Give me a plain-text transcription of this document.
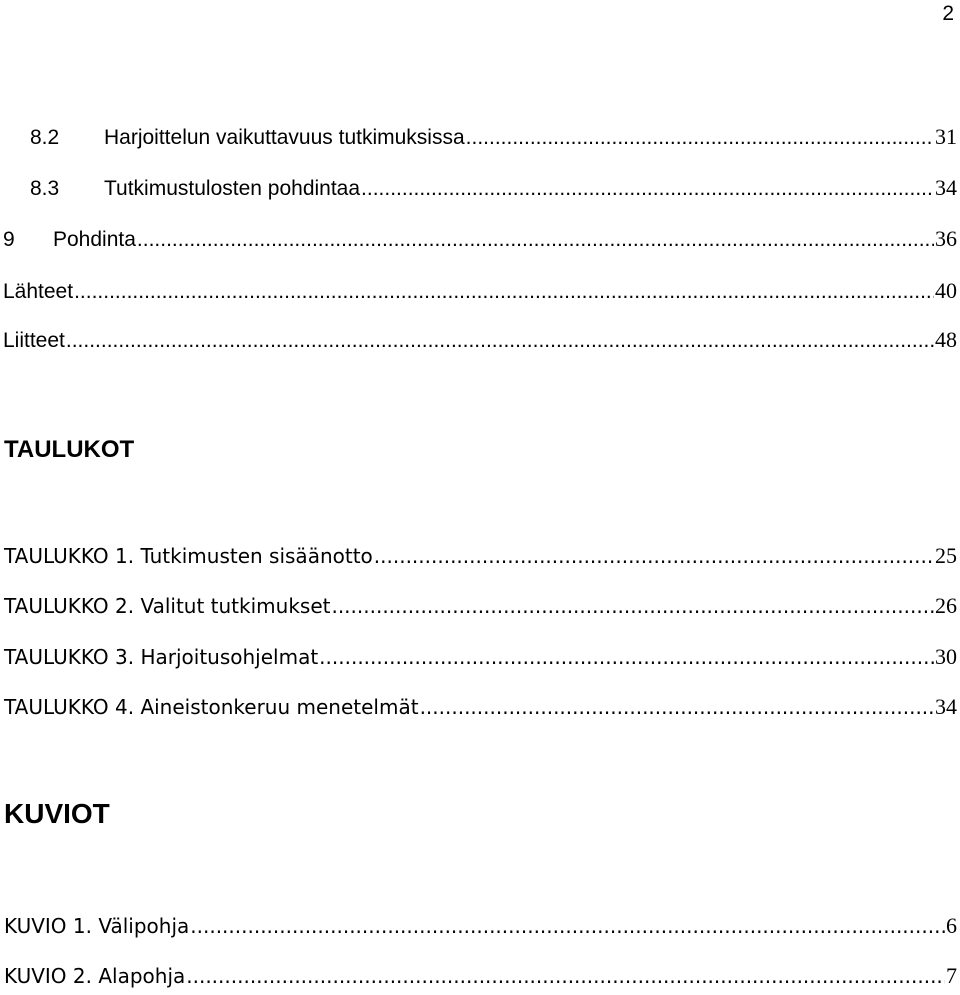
2
8.2	Harjoittelun vaikuttavuus tutkimuksissa .....	31
8.3	Tutkimustulosten pohdintaa .....	34
9	Pohdinta .....	36
Lähteet .....	40
Liitteet .....	48
TAULUKOT
TAULUKKO 1. Tutkimusten sisäänotto .....	25
TAULUKKO 2. Valitut tutkimukset .....	26
TAULUKKO 3. Harjoitusohjelmat .....	30
TAULUKKO 4. Aineistonkeruu menetelmät .....	34
KUVIOT
KUVIO 1. Välipohja .....	6
KUVIO 2. Alapohja .....	7
